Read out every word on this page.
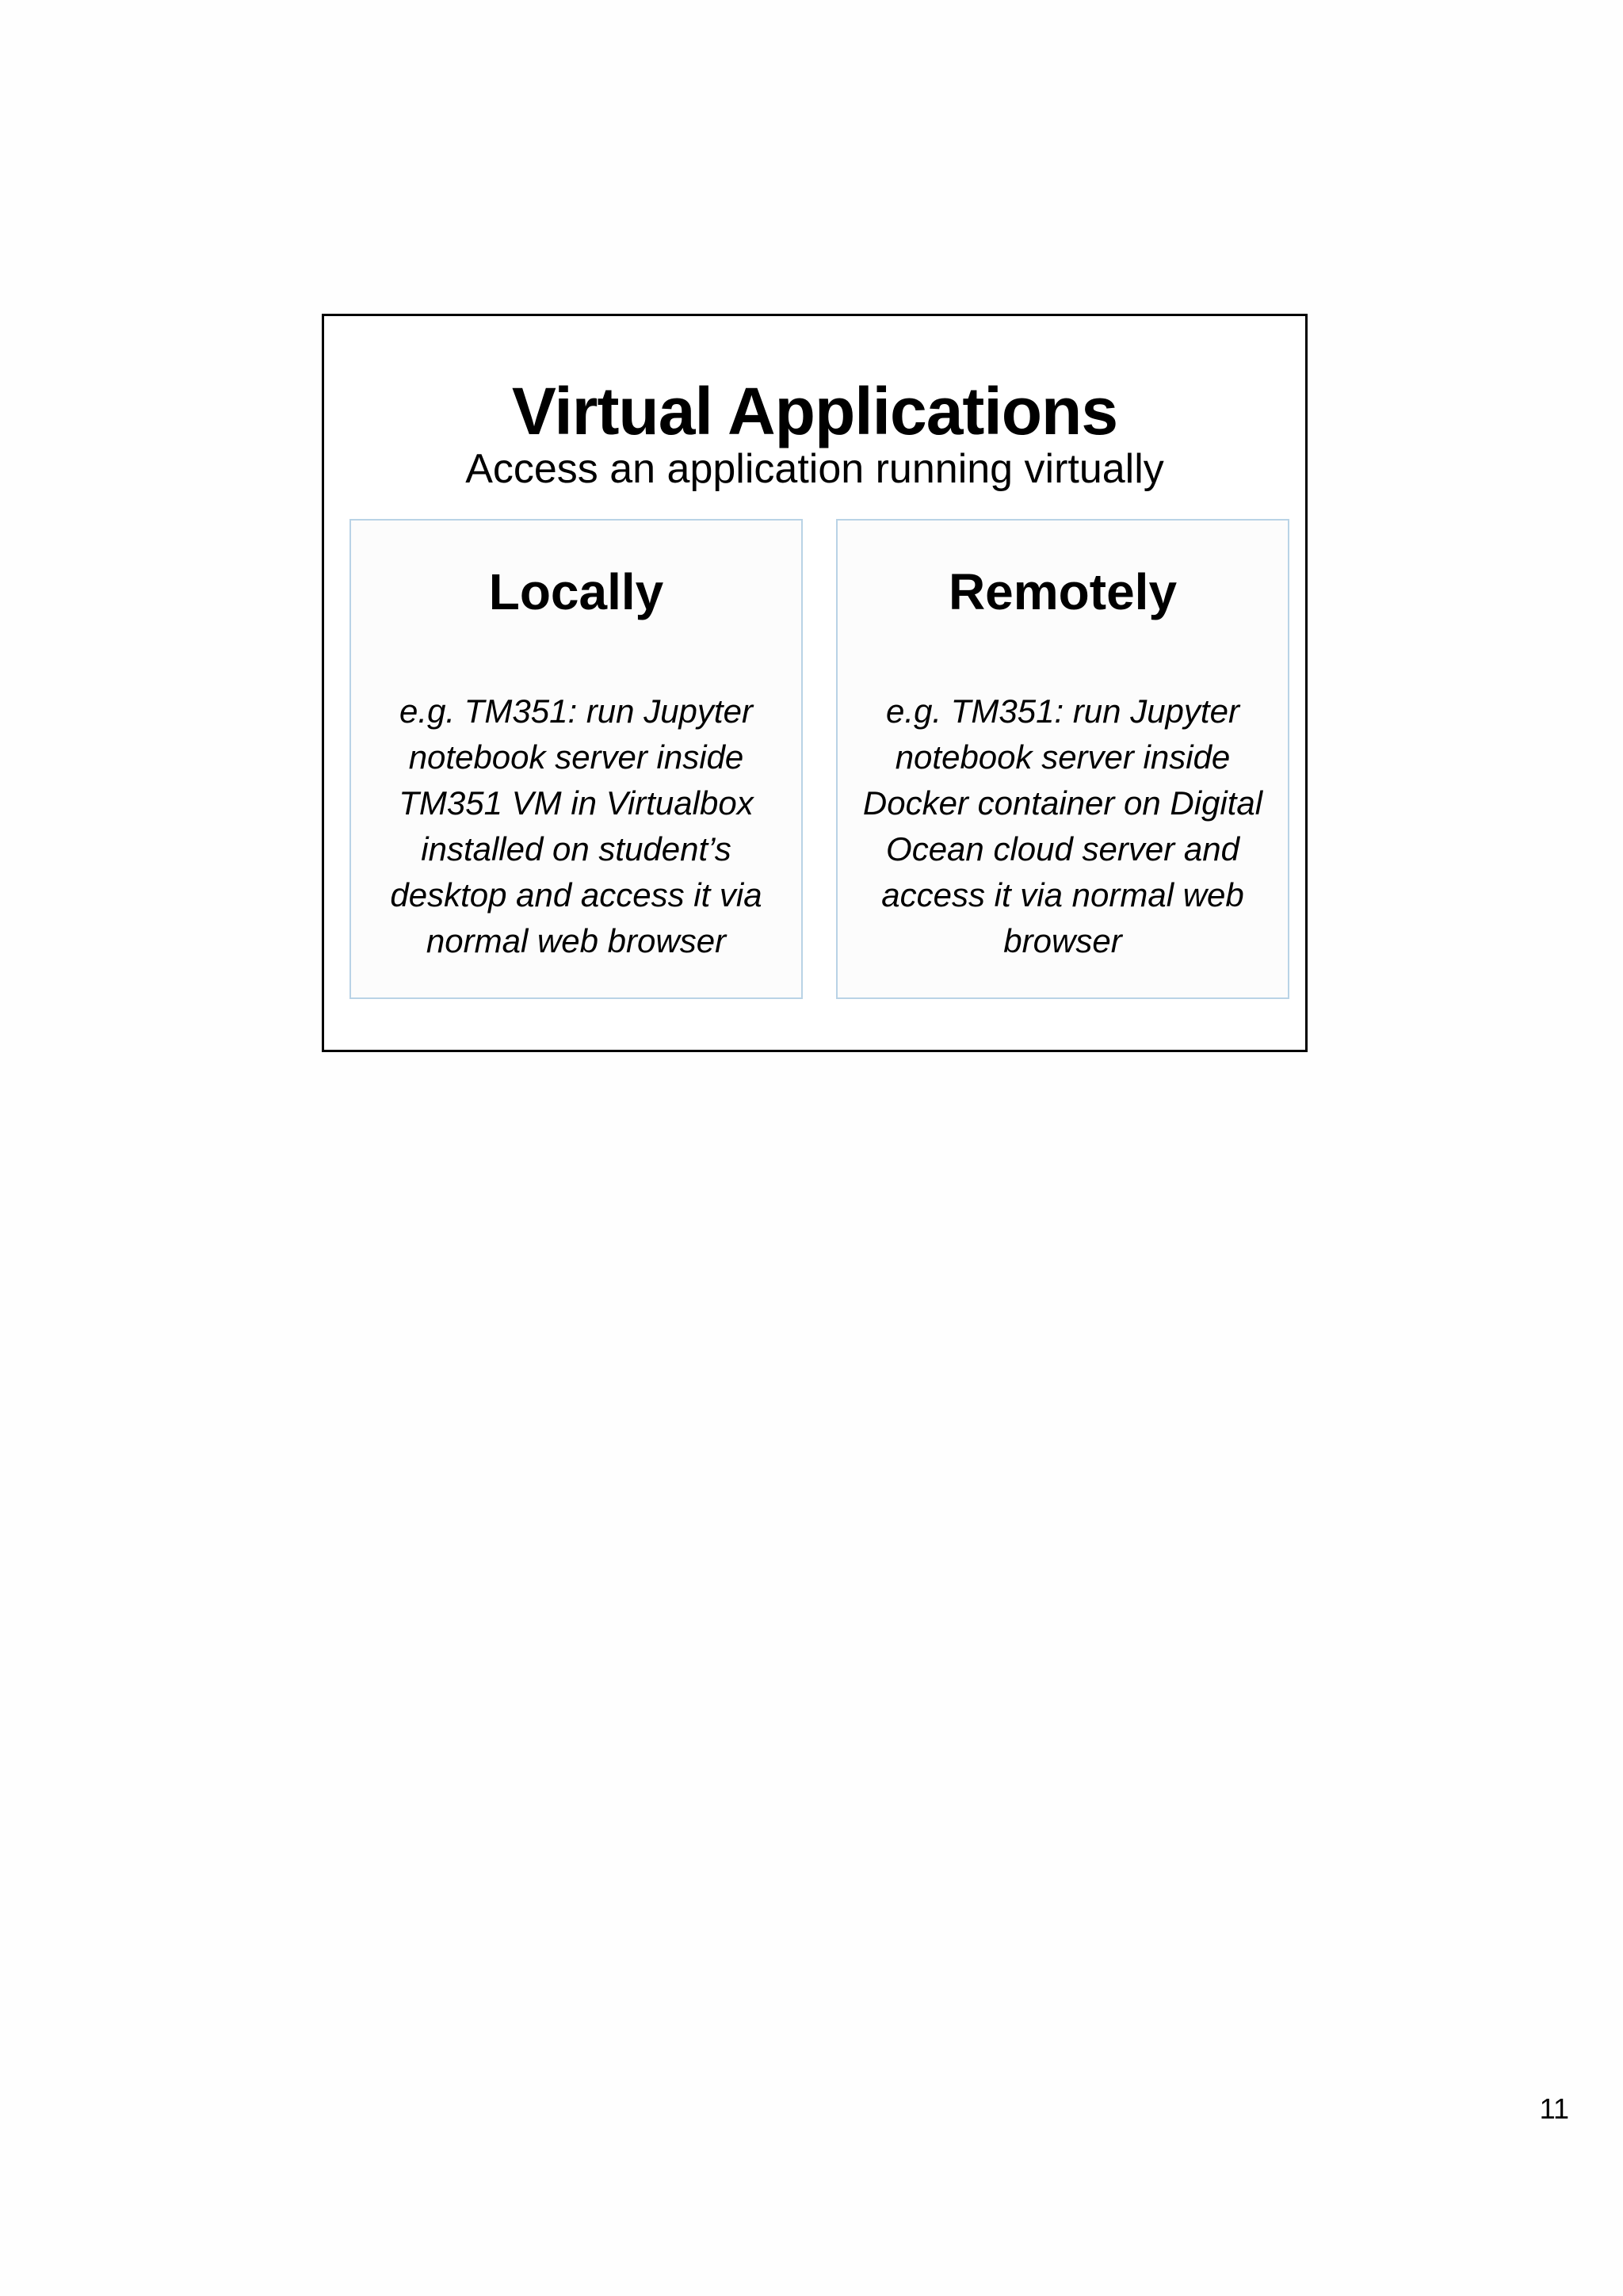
Virtual Applications
Access an application running virtually
Locally
e.g. TM351: run Jupyter
notebook server inside
TM351 VM in Virtualbox
installed on student’s
desktop and access it via
normal web browser
Remotely
e.g. TM351: run Jupyter
notebook server inside
Docker container on Digital
Ocean cloud server and
access it via normal web
browser
11
